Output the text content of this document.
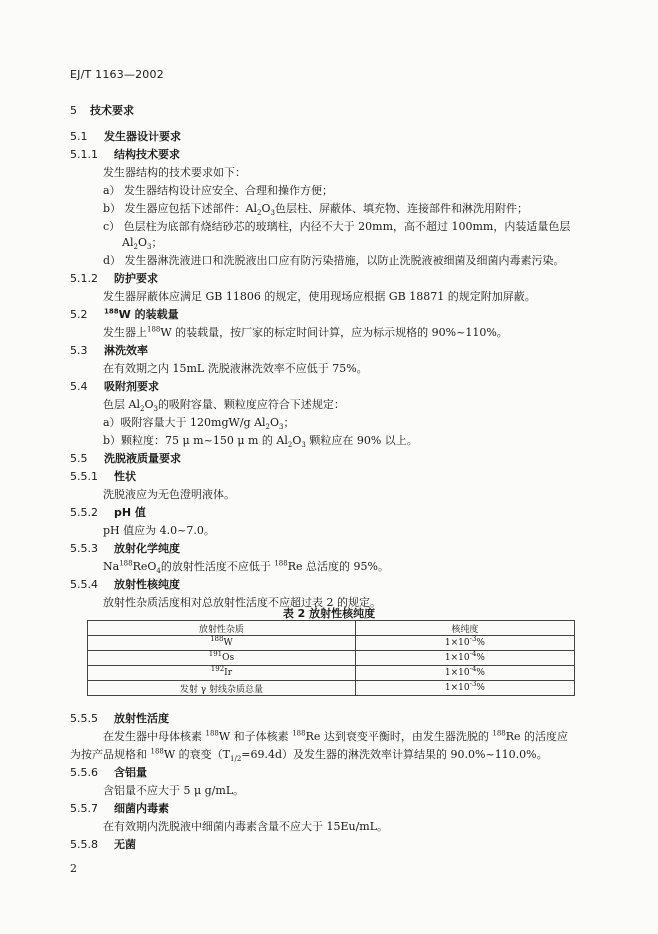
EJ/T 1163—2002
5 技术要求
5.1 发生器设计要求
5.1.1 结构技术要求
发生器结构的技术要求如下：
a） 发生器结构设计应安全、合理和操作方便；
b） 发生器应包括下述部件：$Al_2O_3$色层柱、屏蔽体、填充物、连接部件和淋洗用附件；
c） 色层柱为底部有烧结砂芯的玻璃柱，内径不大于 20mm，高不超过 100mm，内装适量色层
$Al_2O_3$；
d） 发生器淋洗液进口和洗脱液出口应有防污染措施，以防止洗脱液被细菌及细菌内毒素污染。
5.1.2 防护要求
发生器屏蔽体应满足 GB 11806 的规定，使用现场应根据 GB 18871 的规定附加屏蔽。
5.2 $^{188}$W 的装载量
发生器上$^{188}$W 的装载量，按厂家的标定时间计算，应为标示规格的 90%~110%。
5.3 淋洗效率
在有效期之内 15mL 洗脱液淋洗效率不应低于 75%。
5.4 吸附剂要求
色层 $Al_2O_3$的吸附容量、颗粒度应符合下述规定：
a）吸附容量大于 120mgW/g $Al_2O_3$；
b）颗粒度：75 μ m~150 μ m 的 $Al_2O_3$ 颗粒应在 90% 以上。
5.5 洗脱液质量要求
5.5.1 性状
洗脱液应为无色澄明液体。
5.5.2 pH 值
pH 值应为 4.0~7.0。
5.5.3 放射化学纯度
$Na^{188}ReO_4$的放射性活度不应低于 $^{188}$Re 总活度的 95%。
5.5.4 放射性核纯度
放射性杂质活度相对总放射性活度不应超过表 2 的规定。
表 2 放射性核纯度
放射性杂质	核纯度
$^{188}$W	$1\times 10^{-3}\%$
$^{191}$Os	$1\times 10^{-4}\%$
$^{192}$Ir	$1\times 10^{-4}\%$
发射 γ 射线杂质总量	$1\times 10^{-3}\%$
5.5.5 放射性活度
在发生器中母体核素 $^{188}$W 和子体核素 $^{188}$Re 达到衰变平衡时，由发生器洗脱的 $^{188}$Re 的活度应
为按产品规格和 $^{188}$W 的衰变$(T_{1/2}=69.4d)$及发生器的淋洗效率计算结果的 90.0%~110.0%。
5.5.6 含铝量
含铝量不应大于 5 μ g/mL。
5.5.7 细菌内毒素
在有效期内洗脱液中细菌内毒素含量不应大于 15Eu/mL。
5.5.8 无菌
2
